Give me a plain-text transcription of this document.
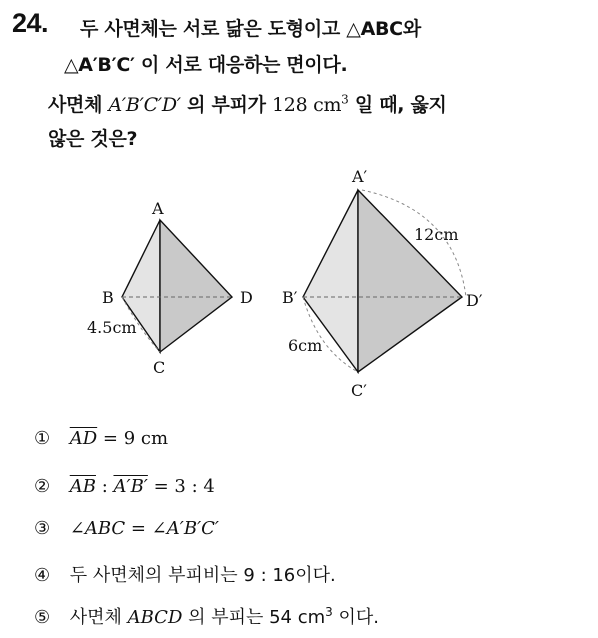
24. 두 사면체는 서로 닮은 도형이고 △ABC와
△A′B′C′ 이 서로 대응하는 면이다.
사면체 A′B′C′D′ 의 부피가 128 $cm^3$ 일 때, 옳지
않은 것은?
A
B
C
D
4.5cm
A′
B′
C′
D′
12cm
6cm
① $\overline{AD} = 9$ cm
② $\overline{AB}$ : A′B′ = 3 : 4
③ ∠ABC = ∠A′B′C′
④ 두 사면체의 부피비는 9 : 16이다.
⑤ 사면체 ABCD 의 부피는 54 $cm^3$ 이다.
